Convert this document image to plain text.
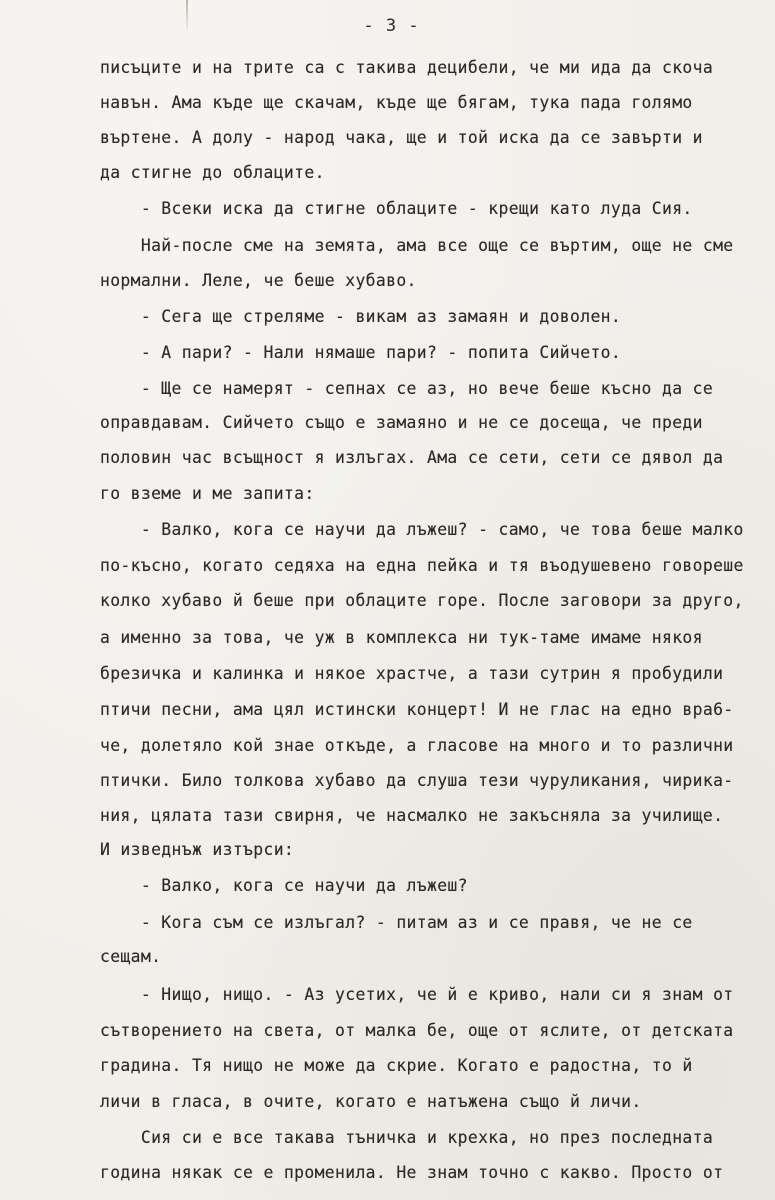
- 3 -
писъците и на трите са с такива децибели, че ми ида да скоча
навън. Ама къде ще скачам, къде ще бягам, тука пада голямо
въртене. А долу - народ чака, ще и той иска да се завърти и
да стигне до облаците.
- Всеки иска да стигне облаците - крещи като луда Сия.
Най-после сме на земята, ама все още се въртим, още не сме
нормални. Леле, че беше хубаво.
- Сега ще стреляме - викам аз замаян и доволен.
- А пари? - Нали нямаше пари? - попита Сийчето.
- Ще се намерят - сепнах се аз, но вече беше късно да се
оправдавам. Сийчето също е замаяно и не се досеща, че преди
половин час всъщност я излъгах. Ама се сети, сети се дявол да
го вземе и ме запита:
- Валко, кога се научи да лъжеш? - само, че това беше малко
по-късно, когато седяха на една пейка и тя въодушевено говореше
колко хубаво й беше при облаците горе. После заговори за друго,
а именно за това, че уж в комплекса ни тук-таме имаме някоя
брезичка и калинка и някое храстче, а тази сутрин я пробудили
птичи песни, ама цял истински концерт! И не глас на едно вра6-
че, долетяло кой знае откъде, а гласове на много и то различни
птички. Било толкова хубаво да слуша тези чуруликания, чирика-
ния, цялата тази свирня, че насмалко не закъсняла за училище.
И изведнъж изтърси:
- Валко, кога се научи да лъжеш?
- Кога съм се излъгал? - питам аз и се правя, че не се
сещам.
- Нищо, нищо. - Аз усетих, че й е криво, нали си я знам от
сътворението на света, от малка бе, още от яслите, от детската
градина. Тя нищо не може да скрие. Когато е радостна, то й
личи в гласа, в очите, когато е натъжена също й личи.
Сия си е все такава тъничка и крехка, но през последната
година някак се е променила. Не знам точно с какво. Просто от
